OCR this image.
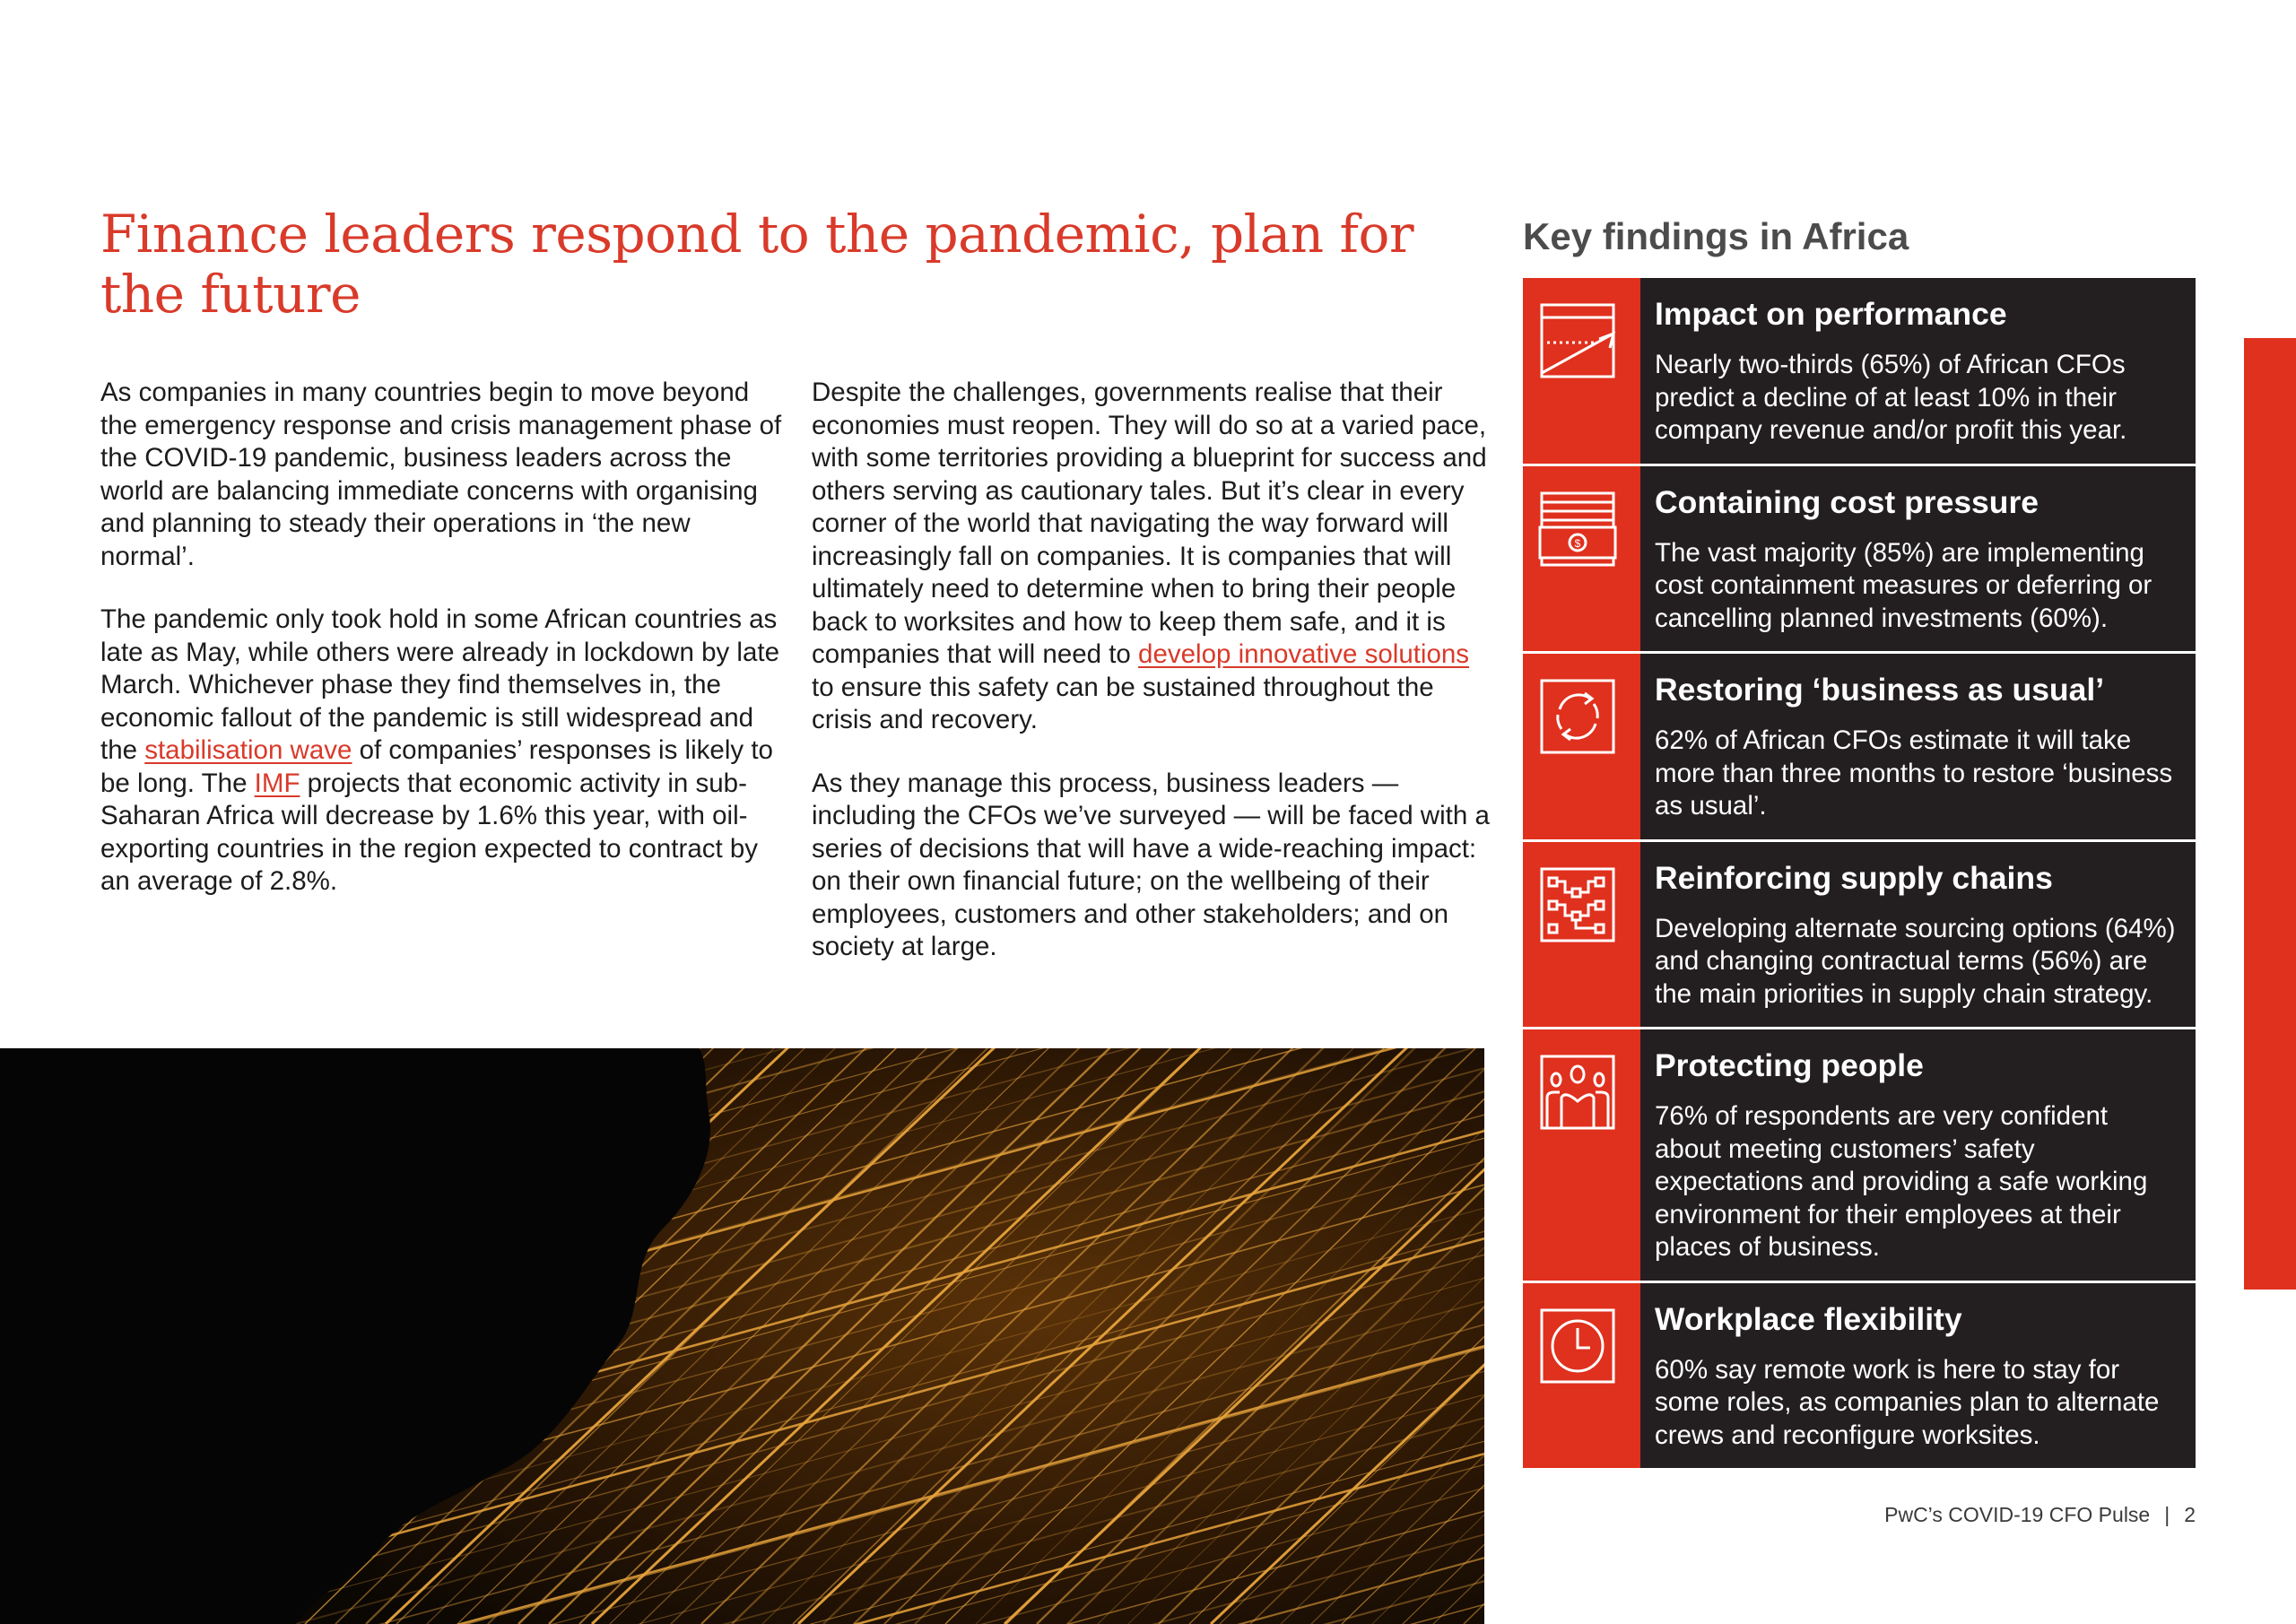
Finance leaders respond to the pandemic, plan for the future

As companies in many countries begin to move beyond the emergency response and crisis management phase of the COVID-19 pandemic, business leaders across the world are balancing immediate concerns with organising and planning to steady their operations in ‘the new normal’.

The pandemic only took hold in some African countries as late as May, while others were already in lockdown by late March. Whichever phase they find themselves in, the economic fallout of the pandemic is still widespread and the stabilisation wave of companies’ responses is likely to be long. The IMF projects that economic activity in sub-Saharan Africa will decrease by 1.6% this year, with oil-exporting countries in the region expected to contract by an average of 2.8%.

Despite the challenges, governments realise that their economies must reopen. They will do so at a varied pace, with some territories providing a blueprint for success and others serving as cautionary tales. But it’s clear in every corner of the world that navigating the way forward will increasingly fall on companies. It is companies that will ultimately need to determine when to bring their people back to worksites and how to keep them safe, and it is companies that will need to develop innovative solutions to ensure this safety can be sustained throughout the crisis and recovery.

As they manage this process, business leaders — including the CFOs we’ve surveyed — will be faced with a series of decisions that will have a wide-reaching impact: on their own financial future; on the wellbeing of their employees, customers and other stakeholders; and on society at large.

Key findings in Africa
Impact on performance
Nearly two-thirds (65%) of African CFOs predict a decline of at least 10% in their company revenue and/or profit this year.
$
Containing cost pressure
The vast majority (85%) are implementing cost containment measures or deferring or cancelling planned investments (60%).
Restoring ‘business as usual’
62% of African CFOs estimate it will take more than three months to restore ‘business as usual’.
Reinforcing supply chains
Developing alternate sourcing options (64%) and changing contractual terms (56%) are the main priorities in supply chain strategy.
Protecting people
76% of respondents are very confident about meeting customers’ safety expectations and providing a safe working environment for their employees at their places of business.
Workplace flexibility
60% say remote work is here to stay for some roles, as companies plan to alternate crews and reconfigure worksites.
PwC’s COVID-19 CFO Pulse | 2
